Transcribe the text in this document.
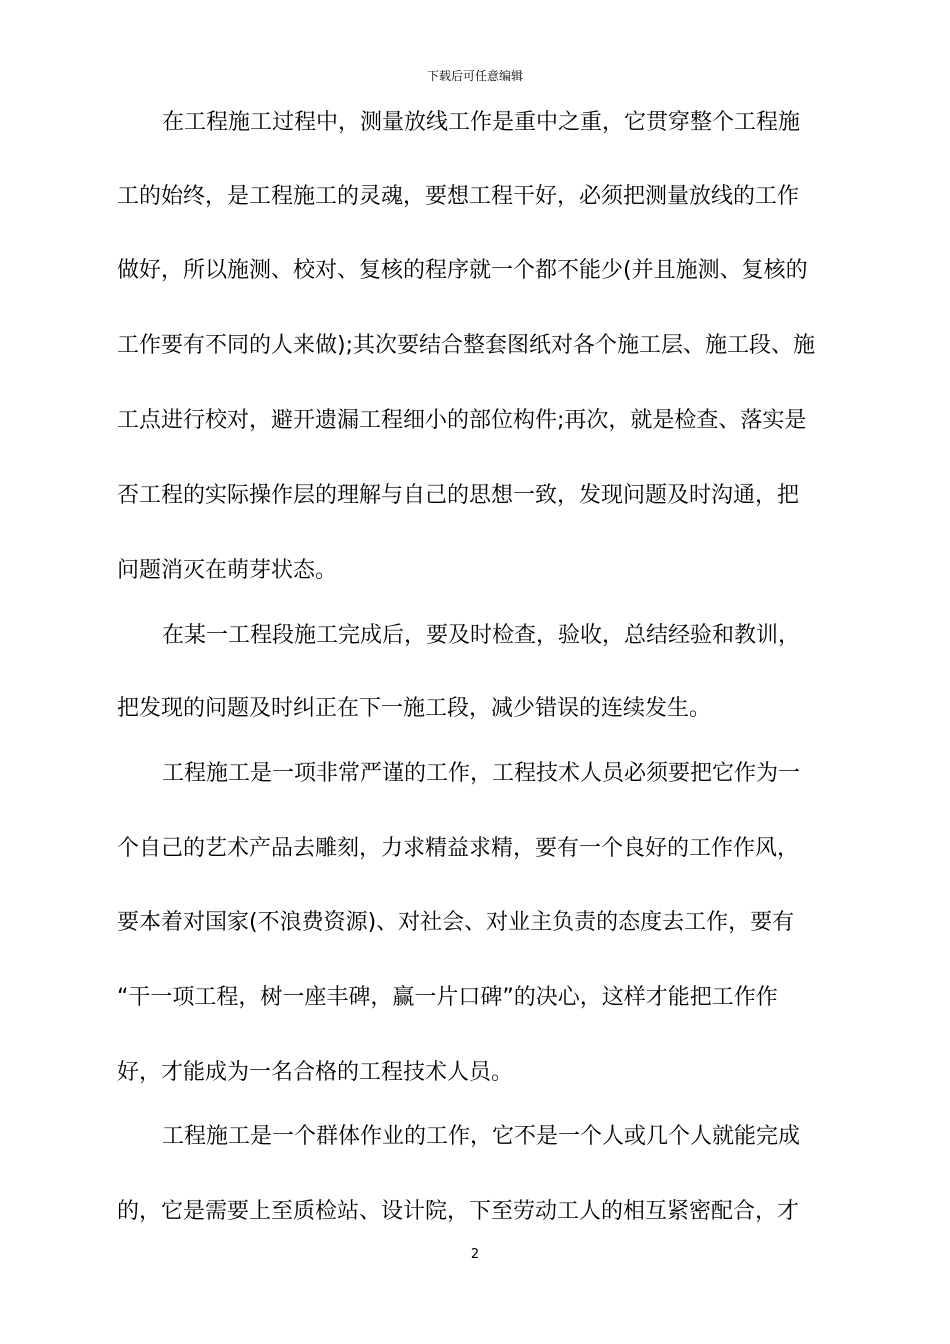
下载后可任意编辑
在工程施工过程中，测量放线工作是重中之重，它贯穿整个工程施
工的始终，是工程施工的灵魂，要想工程干好，必须把测量放线的工作
做好，所以施测、校对、复核的程序就一个都不能少(并且施测、复核的
工作要有不同的人来做);其次要结合整套图纸对各个施工层、施工段、施
工点进行校对，避开遗漏工程细小的部位构件;再次，就是检查、落实是
否工程的实际操作层的理解与自己的思想一致，发现问题及时沟通，把
问题消灭在萌芽状态。
在某一工程段施工完成后，要及时检查，验收，总结经验和教训，
把发现的问题及时纠正在下一施工段，减少错误的连续发生。
工程施工是一项非常严谨的工作，工程技术人员必须要把它作为一
个自己的艺术产品去雕刻，力求精益求精，要有一个良好的工作作风，
要本着对国家(不浪费资源)、对社会、对业主负责的态度去工作，要有
“干一项工程，树一座丰碑，赢一片口碑”的决心，这样才能把工作作
好，才能成为一名合格的工程技术人员。
工程施工是一个群体作业的工作，它不是一个人或几个人就能完成
的，它是需要上至质检站、设计院，下至劳动工人的相互紧密配合，才
2
